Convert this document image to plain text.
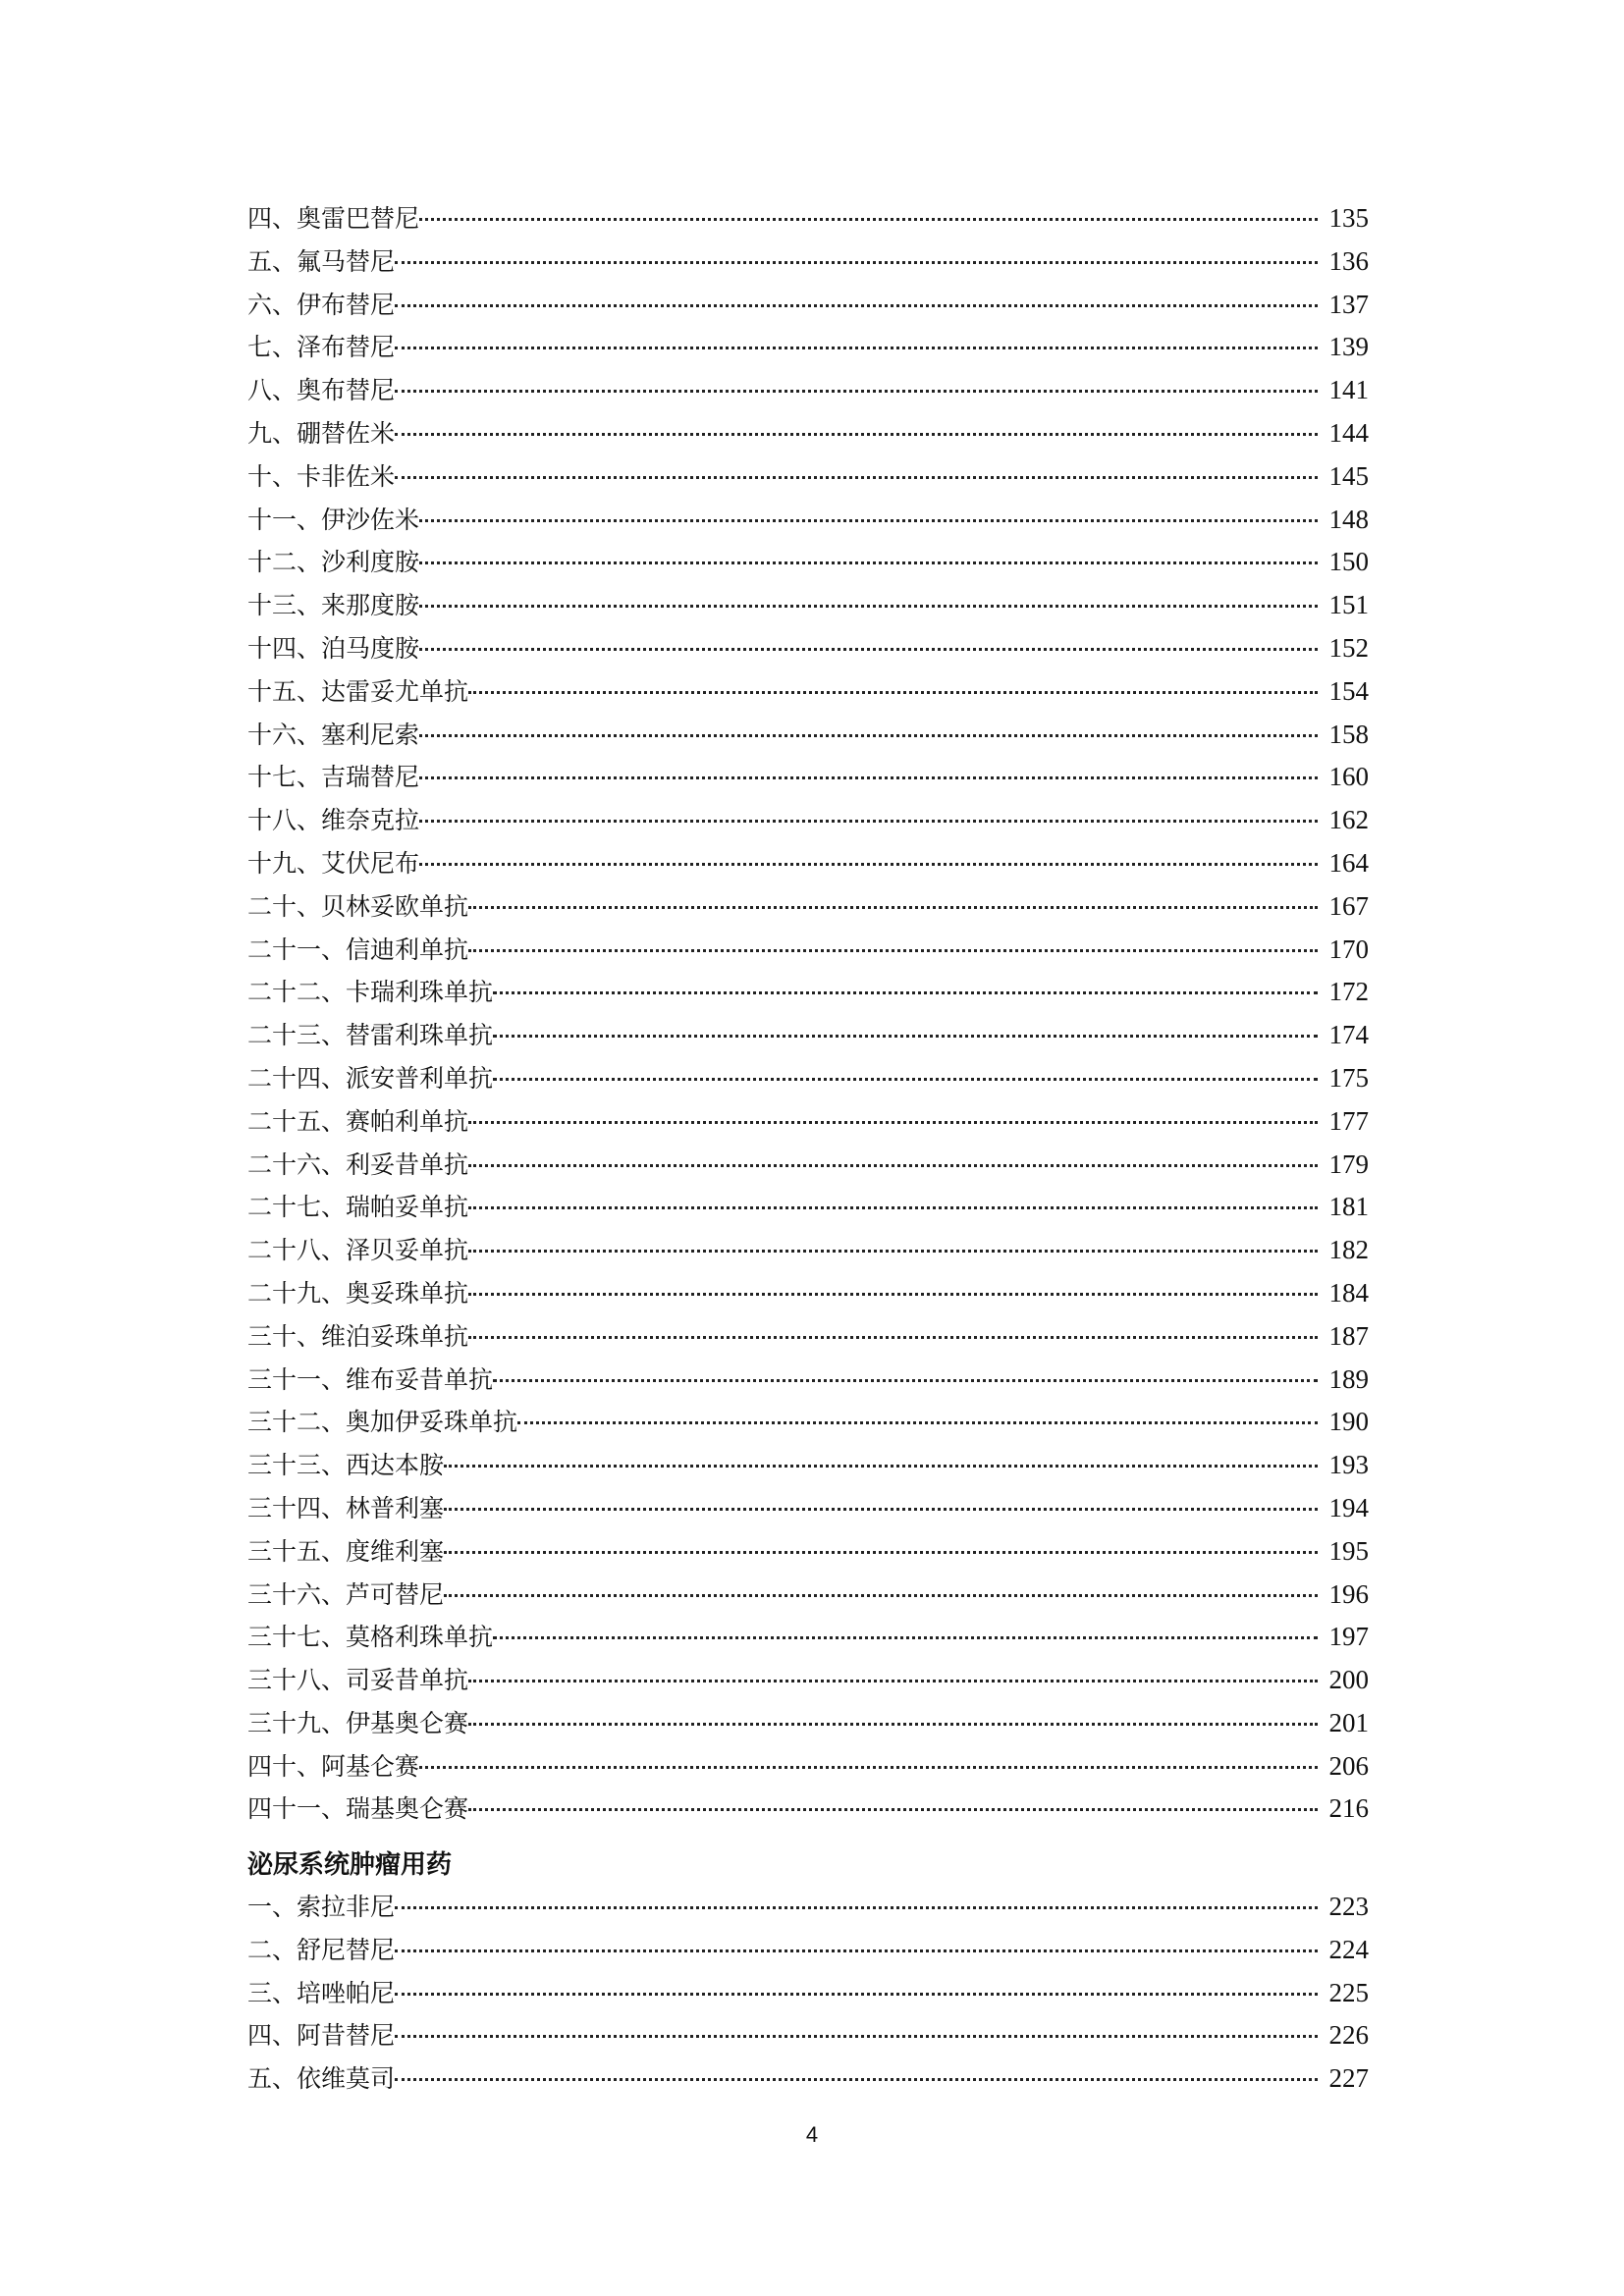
四、奥雷巴替尼	135
五、氟马替尼	136
六、伊布替尼	137
七、泽布替尼	139
八、奥布替尼	141
九、硼替佐米	144
十、卡非佐米	145
十一、伊沙佐米	148
十二、沙利度胺	150
十三、来那度胺	151
十四、泊马度胺	152
十五、达雷妥尤单抗	154
十六、塞利尼索	158
十七、吉瑞替尼	160
十八、维奈克拉	162
十九、艾伏尼布	164
二十、贝林妥欧单抗	167
二十一、信迪利单抗	170
二十二、卡瑞利珠单抗	172
二十三、替雷利珠单抗	174
二十四、派安普利单抗	175
二十五、赛帕利单抗	177
二十六、利妥昔单抗	179
二十七、瑞帕妥单抗	181
二十八、泽贝妥单抗	182
二十九、奥妥珠单抗	184
三十、维泊妥珠单抗	187
三十一、维布妥昔单抗	189
三十二、奥加伊妥珠单抗	190
三十三、西达本胺	193
三十四、林普利塞	194
三十五、度维利塞	195
三十六、芦可替尼	196
三十七、莫格利珠单抗	197
三十八、司妥昔单抗	200
三十九、伊基奥仑赛	201
四十、阿基仑赛	206
四十一、瑞基奥仑赛	216
泌尿系统肿瘤用药
一、索拉非尼	223
二、舒尼替尼	224
三、培唑帕尼	225
四、阿昔替尼	226
五、依维莫司	227
4
